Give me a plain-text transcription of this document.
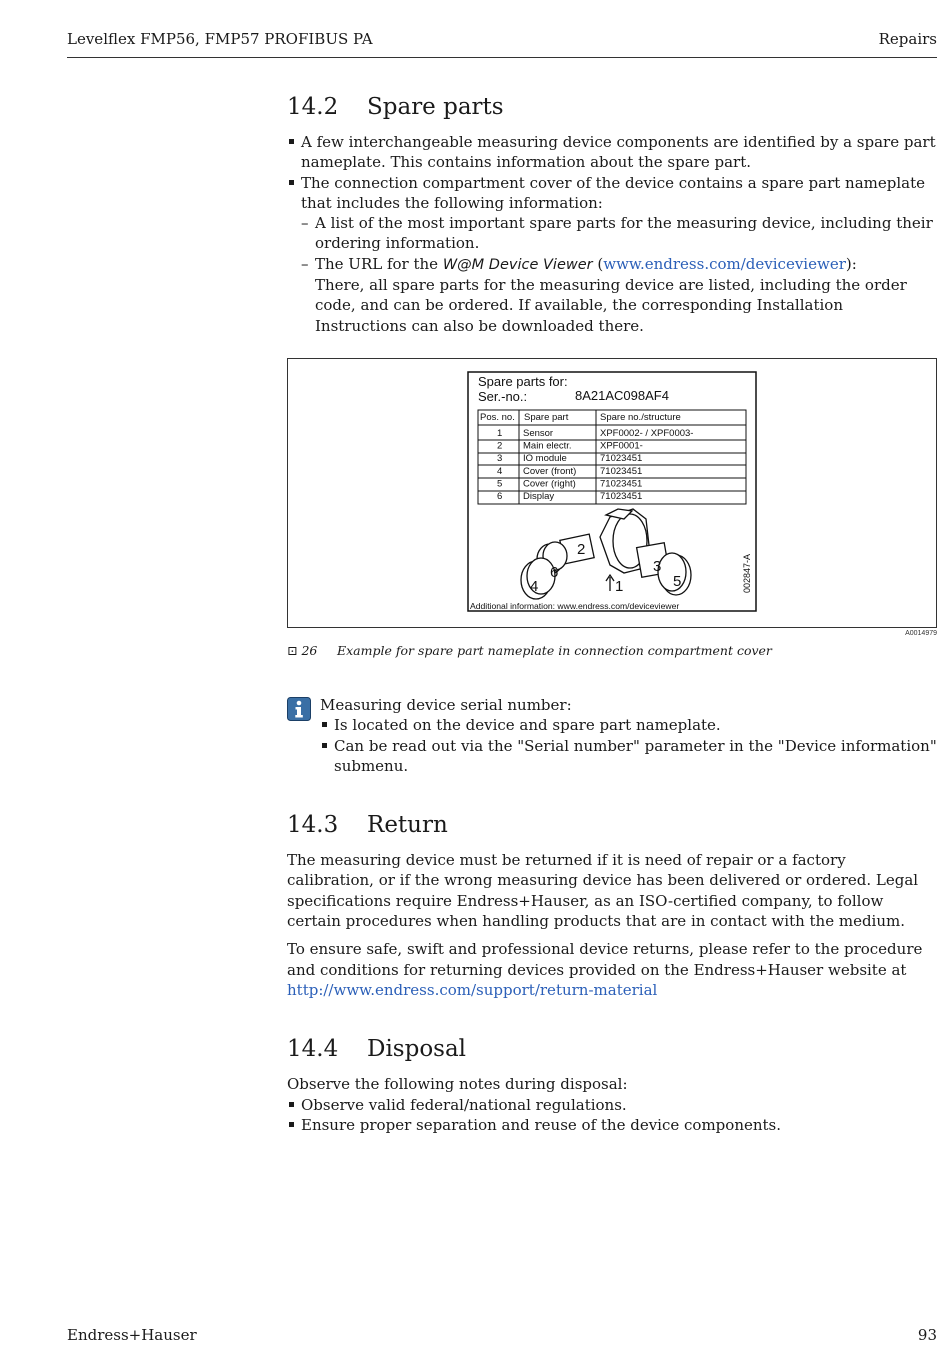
Levelflex FMP56, FMP57 PROFIBUS PA	Repairs
14.2 Spare parts
A few interchangeable measuring device components are identified by a spare part nameplate. This contains information about the spare part.
The connection compartment cover of the device contains a spare part nameplate that includes the following information:
– A list of the most important spare parts for the measuring device, including their ordering information.
– The URL for the W@M Device Viewer (www.endress.com/deviceviewer):
There, all spare parts for the measuring device are listed, including the order code, and can be ordered. If available, the corresponding Installation Instructions can also be downloaded there.
Spare parts for:
Ser.-no.:	8A21AC098AF4
Pos. no. Spare part	Spare no./structure
1 Sensor	XPF0002- / XPF0003-
2 Main electr.	XPF0001-
3 IO module	71023451
4 Cover (front) 71023451
5 Cover (right)	71023451
6 Display	71023451
2
6
4	1
3
5	002847-A
Additional information: www.endress.com/deviceviewer
A0014979
⊡ 26 Example for spare part nameplate in connection compartment cover

Measuring device serial number:

Is located on the device and spare part nameplate.
Can be read out via the "Serial number" parameter in the "Device information" submenu.
14.3 Return

The measuring device must be returned if it is need of repair or a factory calibration, or if the wrong measuring device has been delivered or ordered. Legal specifications require Endress+Hauser, as an ISO-certified company, to follow certain procedures when handling products that are in contact with the medium.

To ensure safe, swift and professional device returns, please refer to the procedure and conditions for returning devices provided on the Endress+Hauser website at
http://www.endress.com/support/return-material

14.4 Disposal

Observe the following notes during disposal:

Observe valid federal/national regulations.
Ensure proper separation and reuse of the device components.
Endress+Hauser	93
